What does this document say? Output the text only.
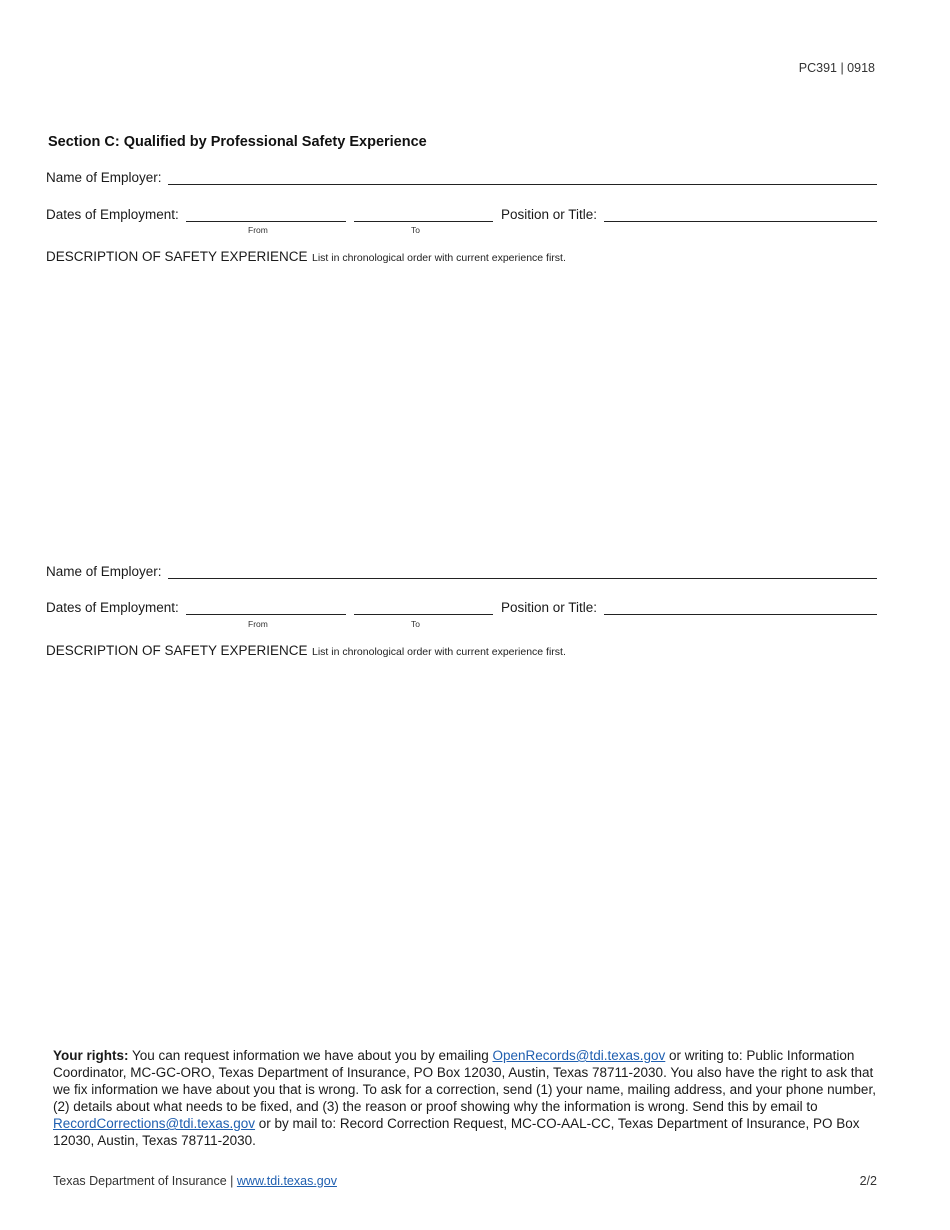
PC391 | 0918
Section C: Qualified by Professional Safety Experience
Name of Employer:
Dates of Employment:
From	To
Position or Title:
DESCRIPTION OF SAFETY EXPERIENCE List in chronological order with current experience first.
Name of Employer:
Dates of Employment:
From	To
Position or Title:
DESCRIPTION OF SAFETY EXPERIENCE List in chronological order with current experience first.
Your rights: You can request information we have about you by emailing OpenRecords@tdi.texas.gov or writing to: Public Information Coordinator, MC-GC-ORO, Texas Department of Insurance, PO Box 12030, Austin, Texas 78711-2030. You also have the right to ask that we fix information we have about you that is wrong. To ask for a correction, send (1) your name, mailing address, and your phone number, (2) details about what needs to be fixed, and (3) the reason or proof showing why the information is wrong. Send this by email to RecordCorrections@tdi.texas.gov or by mail to: Record Correction Request, MC-CO-AAL-CC, Texas Department of Insurance, PO Box 12030, Austin, Texas 78711-2030.
Texas Department of Insurance | www.tdi.texas.gov	2/2
